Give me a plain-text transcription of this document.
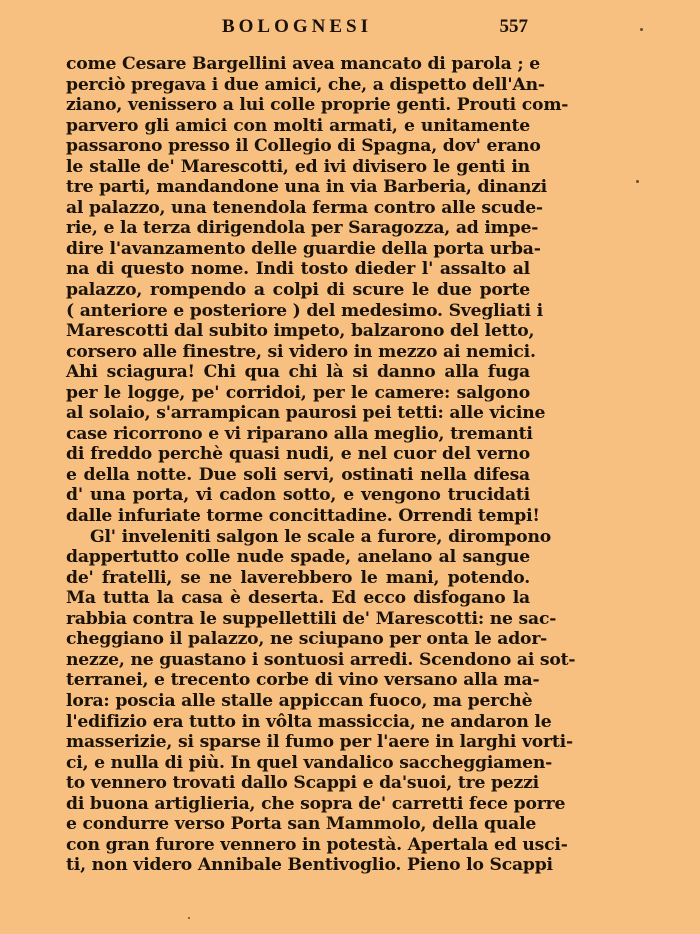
BOLOGNESI	557
come Cesare Bargellini avea mancato di parola ; e
perciò pregava i due amici, che, a dispetto dell'An-
ziano, venissero a lui colle proprie genti. Prouti com-
parvero gli amici con molti armati, e unitamente
passarono presso il Collegio di Spagna, dov' erano
le stalle de' Marescotti, ed ivi divisero le genti in
tre parti, mandandone una in via Barberia, dinanzi
al palazzo, una tenendola ferma contro alle scude-
rie, e la terza dirigendola per Saragozza, ad impe-
dire l'avanzamento delle guardie della porta urba-
na di questo nome. Indi tosto dieder l' assalto al
palazzo, rompendo a colpi di scure le due porte
( anteriore e posteriore ) del medesimo. Svegliati i
Marescotti dal subito impeto, balzarono del letto,
corsero alle finestre, si videro in mezzo ai nemici.
Ahi sciagura! Chi qua chi là si danno alla fuga
per le logge, pe' corridoi, per le camere: salgono
al solaio, s'arrampican paurosi pei tetti: alle vicine
case ricorrono e vi riparano alla meglio, tremanti
di freddo perchè quasi nudi, e nel cuor del verno
e della notte. Due soli servi, ostinati nella difesa
d' una porta, vi cadon sotto, e vengono trucidati
dalle infuriate torme concittadine. Orrendi tempi!
Gl' inveleniti salgon le scale a furore, dirompono
dappertutto colle nude spade, anelano al sangue
de' fratelli, se ne laverebbero le mani, potendo.
Ma tutta la casa è deserta. Ed ecco disfogano la
rabbia contra le suppellettili de' Marescotti: ne sac-
cheggiano il palazzo, ne sciupano per onta le ador-
nezze, ne guastano i sontuosi arredi. Scendono ai sot-
terranei, e trecento corbe di vino versano alla ma-
lora: poscia alle stalle appiccan fuoco, ma perchè
l'edifizio era tutto in vôlta massiccia, ne andaron le
masserizie, si sparse il fumo per l'aere in larghi vorti-
ci, e nulla di più. In quel vandalico saccheggiamen-
to vennero trovati dallo Scappi e da'suoi, tre pezzi
di buona artiglieria, che sopra de' carretti fece porre
e condurre verso Porta san Mammolo, della quale
con gran furore vennero in potestà. Apertala ed usci-
ti, non videro Annibale Bentivoglio. Pieno lo Scappi
